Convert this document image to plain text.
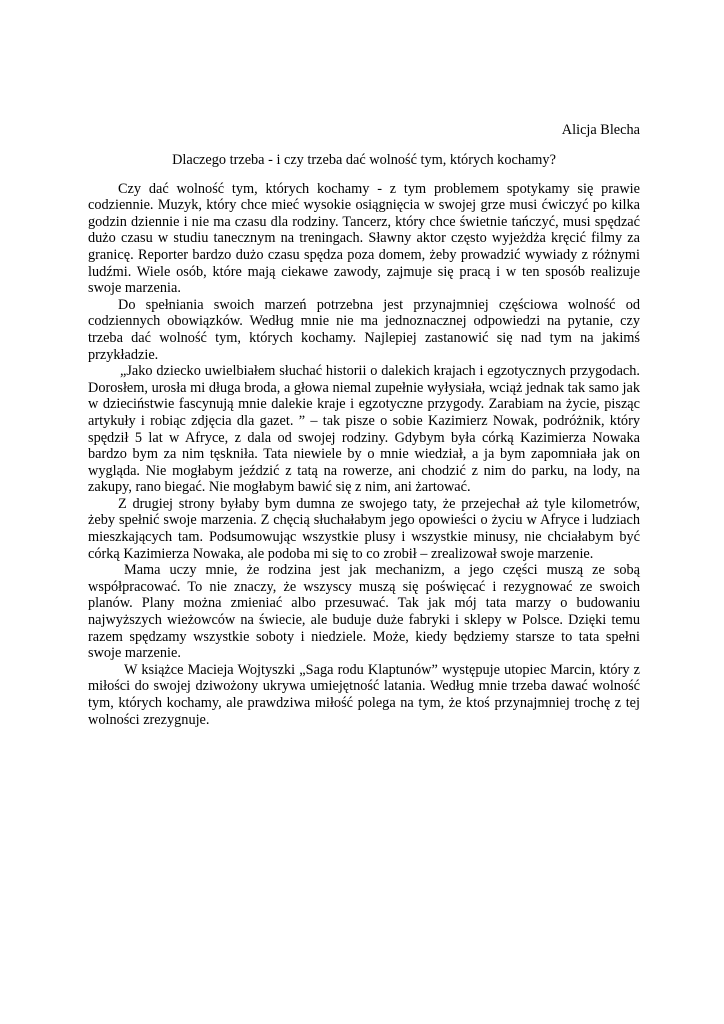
Alicja Blecha

Dlaczego trzeba - i czy trzeba dać wolność tym, których kochamy?

Czy dać wolność tym, których kochamy - z tym problemem spotykamy się prawie codziennie. Muzyk, który chce mieć wysokie osiągnięcia w swojej grze musi ćwiczyć po kilka godzin dziennie i nie ma czasu dla rodziny. Tancerz, który chce świetnie tańczyć, musi spędzać dużo czasu w studiu tanecznym na treningach. Sławny aktor często wyjeżdża kręcić filmy za granicę. Reporter bardzo dużo czasu spędza poza domem, żeby prowadzić wywiady z różnymi ludźmi. Wiele osób, które mają ciekawe zawody, zajmuje się pracą i w ten sposób realizuje swoje marzenia.

Do spełniania swoich marzeń potrzebna jest przynajmniej częściowa wolność od codziennych obowiązków. Według mnie nie ma jednoznacznej odpowiedzi na pytanie, czy trzeba dać wolność tym, których kochamy. Najlepiej zastanowić się nad tym na jakimś przykładzie.

„Jako dziecko uwielbiałem słuchać historii o dalekich krajach i egzotycznych przygodach. Dorosłem, urosła mi długa broda, a głowa niemal zupełnie wyłysiała, wciąż jednak tak samo jak w dzieciństwie fascynują mnie dalekie kraje i egzotyczne przygody. Zarabiam na życie, pisząc artykuły i robiąc zdjęcia dla gazet. ” – tak pisze o sobie Kazimierz Nowak, podróżnik, który spędził 5 lat w Afryce, z dala od swojej rodziny. Gdybym była córką Kazimierza Nowaka bardzo bym za nim tęskniła. Tata niewiele by o mnie wiedział, a ja bym zapomniała jak on wygląda. Nie mogłabym jeździć z tatą na rowerze, ani chodzić z nim do parku, na lody, na zakupy, rano biegać. Nie mogłabym bawić się z nim, ani żartować.

Z drugiej strony byłaby bym dumna ze swojego taty, że przejechał aż tyle kilometrów, żeby spełnić swoje marzenia. Z chęcią słuchałabym jego opowieści o życiu w Afryce i ludziach mieszkających tam. Podsumowując wszystkie plusy i wszystkie minusy, nie chciałabym być córką Kazimierza Nowaka, ale podoba mi się to co zrobił – zrealizował swoje marzenie.

Mama uczy mnie, że rodzina jest jak mechanizm, a jego części muszą ze sobą współpracować. To nie znaczy, że wszyscy muszą się poświęcać i rezygnować ze swoich planów. Plany można zmieniać albo przesuwać. Tak jak mój tata marzy o budowaniu najwyższych wieżowców na świecie, ale buduje duże fabryki i sklepy w Polsce. Dzięki temu razem spędzamy wszystkie soboty i niedziele. Może, kiedy będziemy starsze to tata spełni swoje marzenie.

W książce Macieja Wojtyszki „Saga rodu Klaptunów” występuje utopiec Marcin, który z miłości do swojej dziwożony ukrywa umiejętność latania. Według mnie trzeba dawać wolność tym, których kochamy, ale prawdziwa miłość polega na tym, że ktoś przynajmniej trochę z tej wolności zrezygnuje.
